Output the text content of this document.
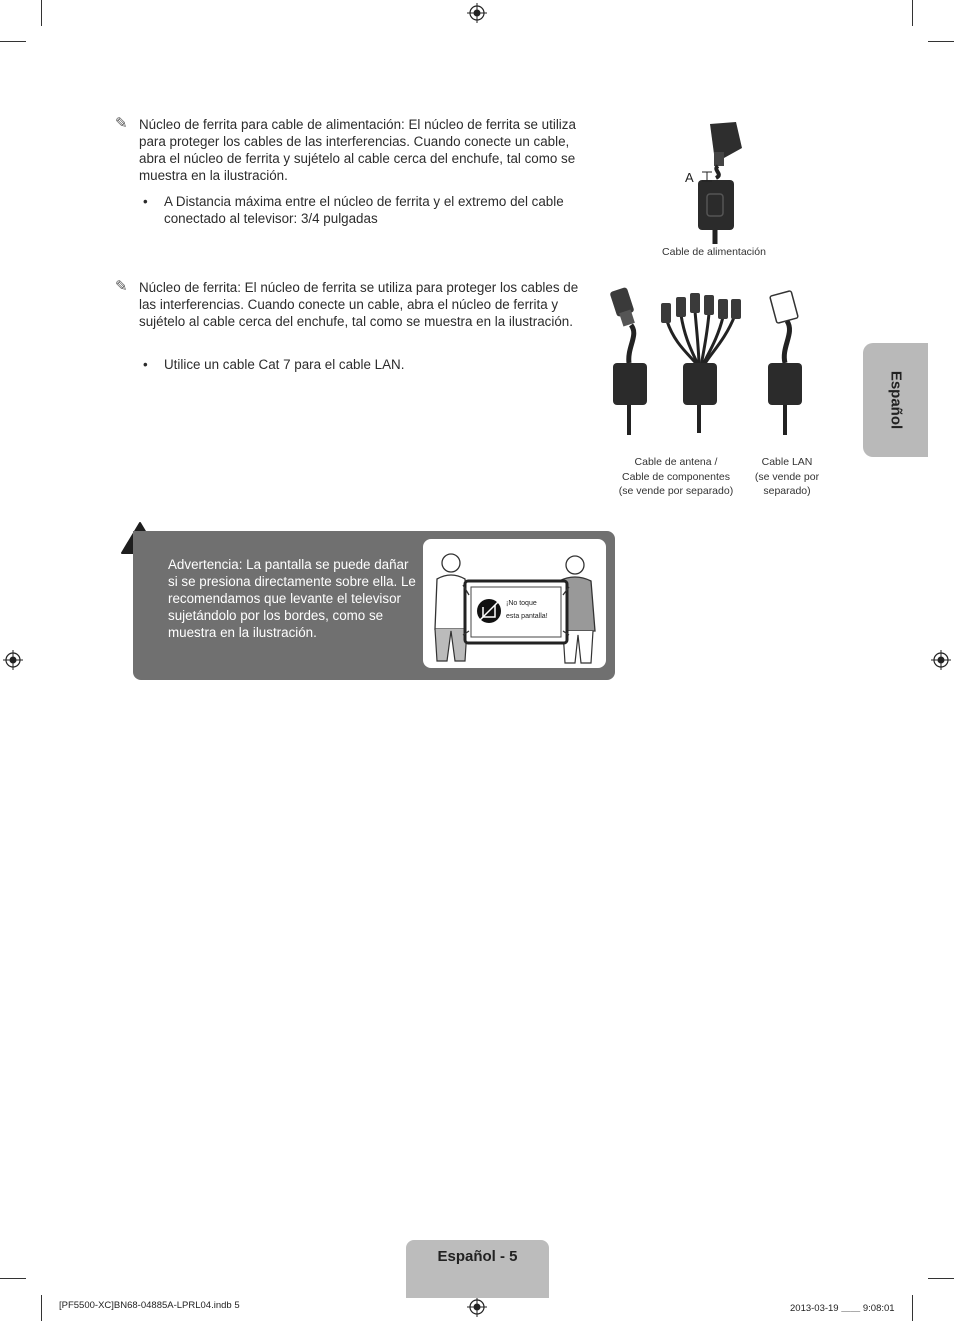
✎ Núcleo de ferrita para cable de alimentación: El núcleo de ferrita se utiliza para proteger los cables de las interferencias. Cuando conecte un cable, abra el núcleo de ferrita y sujételo al cable cerca del enchufe, tal como se muestra en la ilustración.
• A Distancia máxima entre el núcleo de ferrita y el extremo del cable conectado al televisor: 3/4 pulgadas
✎ Núcleo de ferrita: El núcleo de ferrita se utiliza para proteger los cables de las interferencias. Cuando conecte un cable, abra el núcleo de ferrita y sujételo al cable cerca del enchufe, tal como se muestra en la ilustración.
• Utilice un cable Cat 7 para el cable LAN.
A
Cable de alimentación
Cable de antena /
Cable de componentes
(se vende por separado)
Cable LAN
(se vende por
separado)
Español
Advertencia: La pantalla se puede dañar si se presiona directamente sobre ella. Le recomendamos que levante el televisor sujetándolo por los bordes, como se muestra en la ilustración.
¡No toque
esta pantalla!
Español - 5
[PF5500-XC]BN68-04885A-LPRL04.indb 5	2013-03-19 ＿＿ 9:08:01
